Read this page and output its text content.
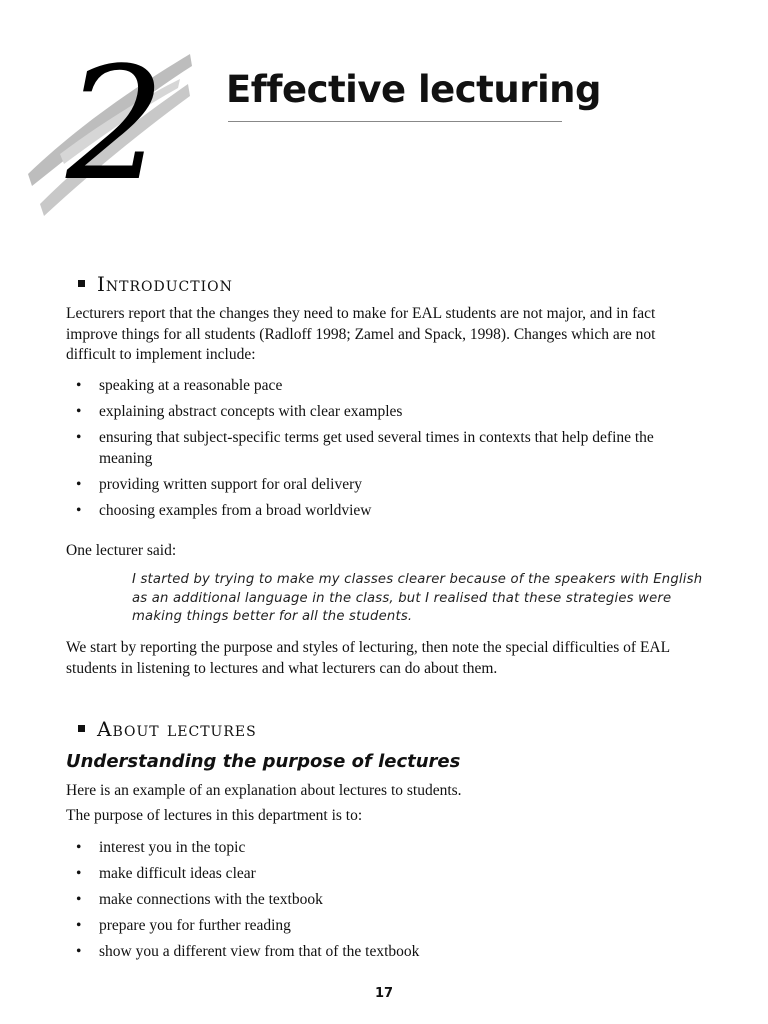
2 Effective lecturing
Introduction

Lecturers report that the changes they need to make for EAL students are not major, and in fact improve things for all students (Radloff 1998; Zamel and Spack, 1998). Changes which are not difficult to implement include:

• speaking at a reasonable pace
• explaining abstract concepts with clear examples
• ensuring that subject-specific terms get used several times in contexts that help define the meaning
• providing written support for oral delivery
• choosing examples from a broad worldview

One lecturer said:

I started by trying to make my classes clearer because of the speakers with English as an additional language in the class, but I realised that these strategies were making things better for all the students.

We start by reporting the purpose and styles of lecturing, then note the special difficulties of EAL students in listening to lectures and what lecturers can do about them.

About lectures
Understanding the purpose of lectures

Here is an example of an explanation about lectures to students.

The purpose of lectures in this department is to:

• interest you in the topic
• make difficult ideas clear
• make connections with the textbook
• prepare you for further reading
• show you a different view from that of the textbook
17
